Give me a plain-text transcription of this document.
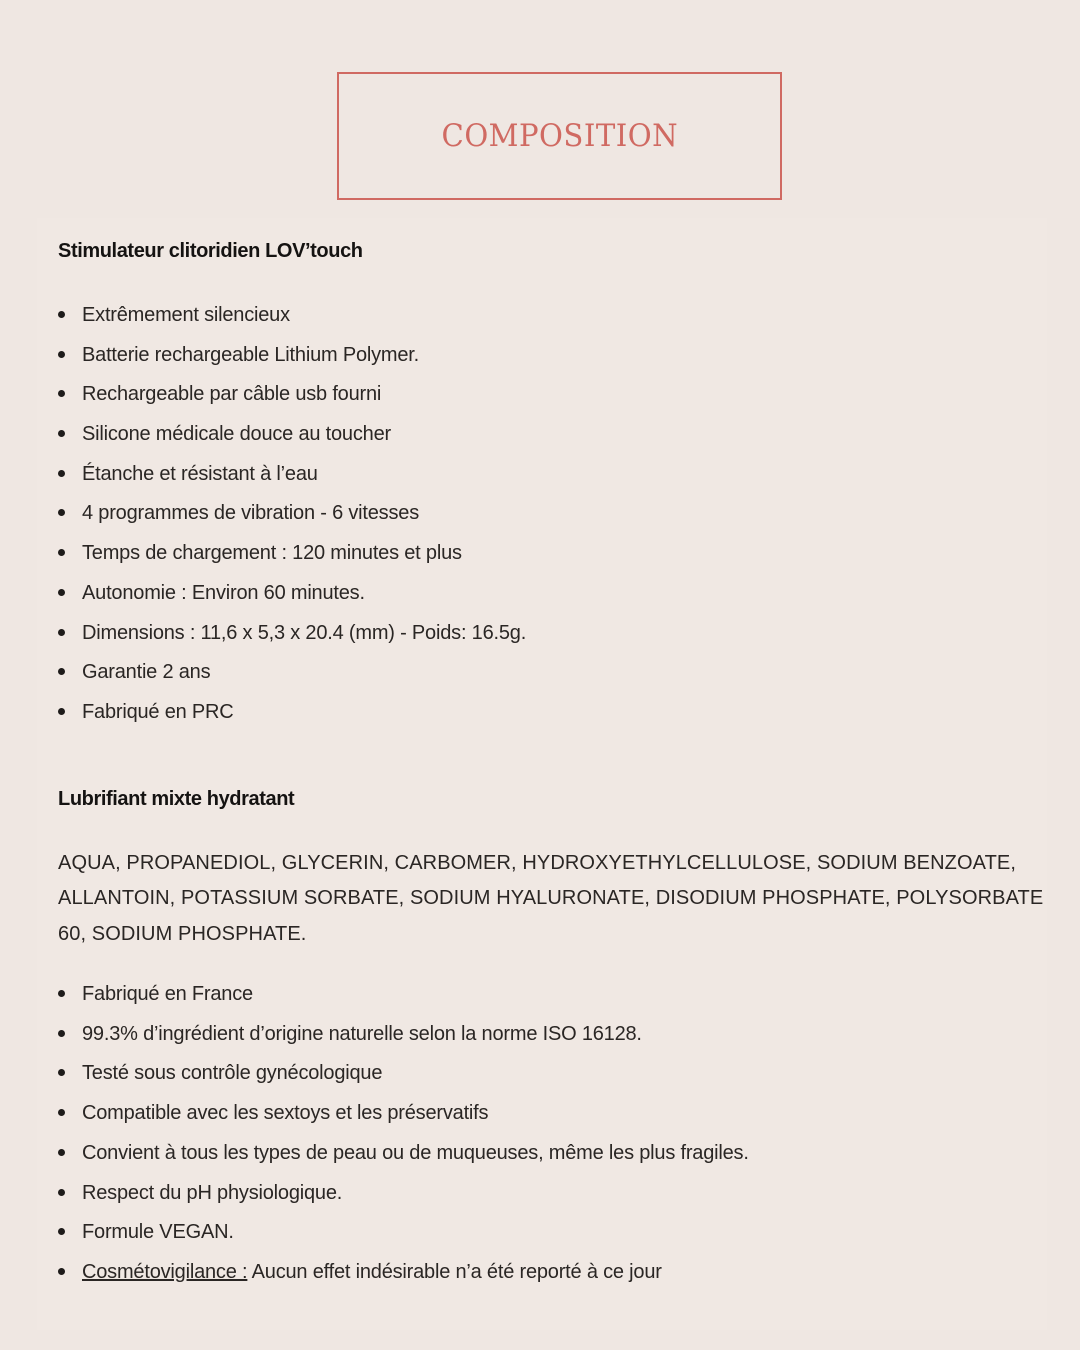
COMPOSITION
Stimulateur clitoridien LOV’touch
Extrêmement silencieux
Batterie rechargeable Lithium Polymer.
Rechargeable par câble usb fourni
Silicone médicale douce au toucher
Étanche et résistant à l’eau
4 programmes de vibration - 6 vitesses
Temps de chargement : 120 minutes et plus
Autonomie : Environ 60 minutes.
Dimensions : 11,6 x 5,3 x 20.4 (mm) - Poids: 16.5g.
Garantie 2 ans
Fabriqué en PRC
Lubrifiant mixte hydratant

AQUA, PROPANEDIOL, GLYCERIN, CARBOMER, HYDROXYETHYLCELLULOSE, SODIUM BENZOATE, ALLANTOIN, POTASSIUM SORBATE, SODIUM HYALURONATE, DISODIUM PHOSPHATE, POLYSORBATE 60, SODIUM PHOSPHATE.

Fabriqué en France
99.3% d’ingrédient d’origine naturelle selon la norme ISO 16128.
Testé sous contrôle gynécologique
Compatible avec les sextoys et les préservatifs
Convient à tous les types de peau ou de muqueuses, même les plus fragiles.
Respect du pH physiologique.
Formule VEGAN.
Cosmétovigilance : Aucun effet indésirable n’a été reporté à ce jour
